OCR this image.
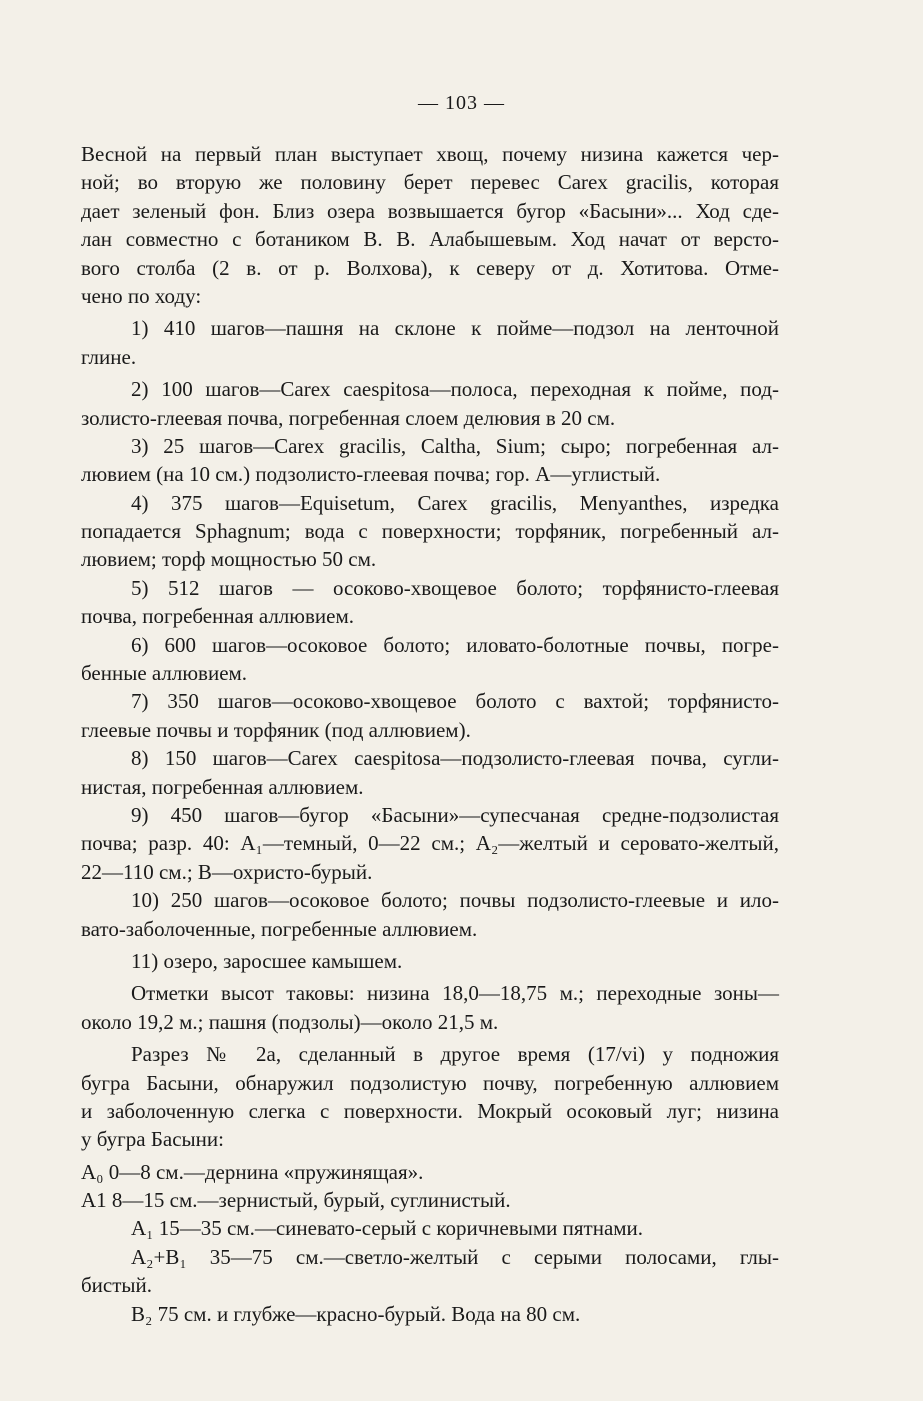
— 103 —
Весной на первый план выступает хвощ, почему низина кажется чер-
ной; во вторую же половину берет перевес Carex gracilis, которая
дает зеленый фон. Близ озера возвышается бугор «Басыни»... Ход сде-
лан совместно с ботаником В. В. Алабышевым. Ход начат от версто-
вого столба (2 в. от р. Волхова), к северу от д. Хотитова. Отме-
чено по ходу:
1) 410 шагов—пашня на склоне к пойме—подзол на ленточной
глине.
2) 100 шагов—Carex caespitosa—полоса, переходная к пойме, под-
золисто-глеевая почва, погребенная слоем делювия в 20 см.
3) 25 шагов—Carex gracilis, Caltha, Sium; сыро; погребенная ал-
лювием (на 10 см.) подзолисто-глеевая почва; гор. А—углистый.
4) 375 шагов—Equisetum, Carex gracilis, Menyanthes, изредка
попадается Sphagnum; вода с поверхности; торфяник, погребенный ал-
лювием; торф мощностью 50 см.
5) 512 шагов — осоково-хвощевое болото; торфянисто-глеевая
почва, погребенная аллювием.
6) 600 шагов—осоковое болото; иловато-болотные почвы, погре-
бенные аллювием.
7) 350 шагов—осоково-хвощевое болото с вахтой; торфянисто-
глеевые почвы и торфяник (под аллювием).
8) 150 шагов—Carex caespitosa—подзолисто-глеевая почва, сугли-
нистая, погребенная аллювием.
9) 450 шагов—бугор «Басыни»—супесчаная средне-подзолистая
почва; разр. 40: A₁—темный, 0—22 см.; A₂—желтый и серовато-желтый,
22—110 см.; B—охристо-бурый.
10) 250 шагов—осоковое болото; почвы подзолисто-глеевые и ило-
вато-заболоченные, погребенные аллювием.
11) озеро, заросшее камышем.
Отметки высот таковы: низина 18,0—18,75 м.; переходные зоны—
около 19,2 м.; пашня (подзолы)—около 21,5 м.
Разрез № 2а, сделанный в другое время (17/vi) у подножия
бугра Басыни, обнаружил подзолистую почву, погребенную аллювием
и заболоченную слегка с поверхности. Мокрый осоковый луг; низина
у бугра Басыни:
A₀ 0—8 см.—дернина «пружинящая».
A1 8—15 см.—зернистый, бурый, суглинистый.
A₁ 15—35 см.—синевато-серый с коричневыми пятнами.
A₂+B₁ 35—75 см.—светло-желтый с серыми полосами, глы-
бистый.
B₂ 75 см. и глубже—красно-бурый. Вода на 80 см.
